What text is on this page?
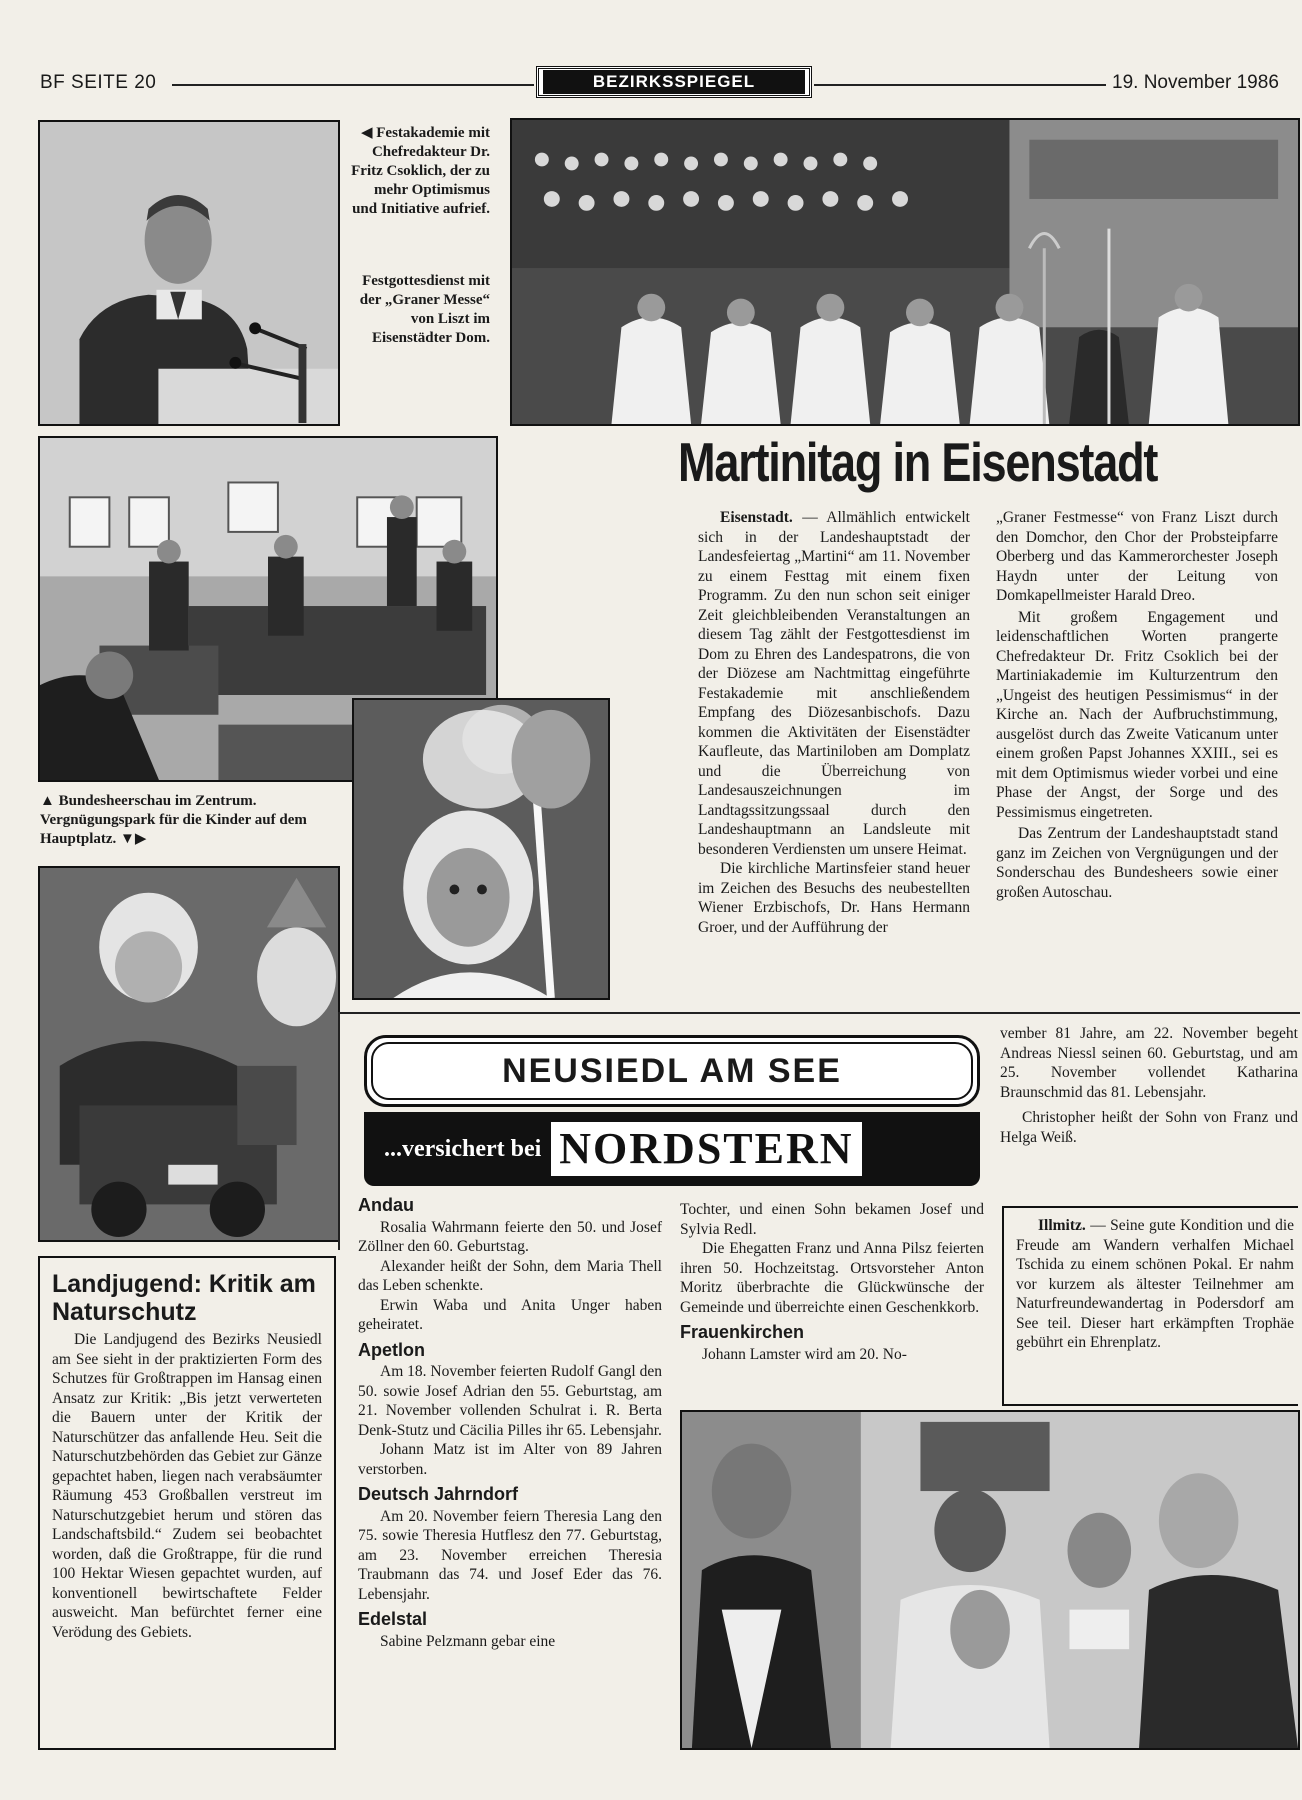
BF SEITE 20	BEZIRKSSPIEGEL	19. November 1986
◀ Festakademie mit Chefredakteur Dr. Fritz Csoklich, der zu mehr Optimismus und Initiative aufrief.
Festgottesdienst mit der „Graner Messe“ von Liszt im Eisenstädter Dom.
▲ Bundesheerschau im Zentrum. Vergnügungspark für die Kinder auf dem Hauptplatz. ▼▶
Martinitag in Eisenstadt

Eisenstadt. — Allmählich entwickelt sich in der Landeshauptstadt der Landesfeiertag „Martini“ am 11. November zu einem Festtag mit einem fixen Programm. Zu den nun schon seit einiger Zeit gleichbleibenden Veranstaltungen an diesem Tag zählt der Festgottesdienst im Dom zu Ehren des Landespatrons, die von der Diözese am Nachtmittag eingeführte Festakademie mit anschließendem Empfang des Diözesanbischofs. Dazu kommen die Aktivitäten der Eisenstädter Kaufleute, das Martiniloben am Domplatz und die Überreichung von Landesauszeichnungen im Landtagssitzungssaal durch den Landeshauptmann an Landsleute mit besonderen Verdiensten um unsere Heimat.

Die kirchliche Martinsfeier stand heuer im Zeichen des Besuchs des neubestellten Wiener Erzbischofs, Dr. Hans Hermann Groer, und der Aufführung der

„Graner Festmesse“ von Franz Liszt durch den Domchor, den Chor der Probsteipfarre Oberberg und das Kammerorchester Joseph Haydn unter der Leitung von Domkapellmeister Harald Dreo.

Mit großem Engagement und leidenschaftlichen Worten prangerte Chefredakteur Dr. Fritz Csoklich bei der Martiniakademie im Kulturzentrum den „Ungeist des heutigen Pessimismus“ in der Kirche an. Nach der Aufbruchstimmung, ausgelöst durch das Zweite Vaticanum unter einem großen Papst Johannes XXIII., sei es mit dem Optimismus wieder vorbei und eine Phase der Angst, der Sorge und des Pessimismus eingetreten.

Das Zentrum der Landeshauptstadt stand ganz im Zeichen von Vergnügungen und der Sonderschau des Bundesheers sowie einer großen Autoschau.

NEUSIEDL AM SEE
...versichert bei NORDSTERN

vember 81 Jahre, am 22. November begeht Andreas Niessl seinen 60. Geburtstag, und am 25. November vollendet Katharina Braunschmid das 81. Lebensjahr.

Christopher heißt der Sohn von Franz und Helga Weiß.

Landjugend: Kritik am Naturschutz

Die Landjugend des Bezirks Neusiedl am See sieht in der praktizierten Form des Schutzes für Großtrappen im Hansag einen Ansatz zur Kritik: „Bis jetzt verwerteten die Bauern unter der Kritik der Naturschützer das anfallende Heu. Seit die Naturschutzbehörden das Gebiet zur Gänze gepachtet haben, liegen nach verabsäumter Räumung 453 Großballen verstreut im Naturschutzgebiet herum und stören das Landschaftsbild.“ Zudem sei beobachtet worden, daß die Großtrappe, für die rund 100 Hektar Wiesen gepachtet wurden, auf konventionell bewirtschaftete Felder ausweicht. Man befürchtet ferner eine Verödung des Gebiets.

Andau

Rosalia Wahrmann feierte den 50. und Josef Zöllner den 60. Geburtstag.

Alexander heißt der Sohn, dem Maria Thell das Leben schenkte.

Erwin Waba und Anita Unger haben geheiratet.

Apetlon

Am 18. November feierten Rudolf Gangl den 50. sowie Josef Adrian den 55. Geburtstag, am 21. November vollenden Schulrat i. R. Berta Denk-Stutz und Cäcilia Pilles ihr 65. Lebensjahr.

Johann Matz ist im Alter von 89 Jahren verstorben.

Deutsch Jahrndorf

Am 20. November feiern Theresia Lang den 75. sowie Theresia Hutflesz den 77. Geburtstag, am 23. November erreichen Theresia Traubmann das 74. und Josef Eder das 76. Lebensjahr.

Edelstal

Sabine Pelzmann gebar eine

Tochter, und einen Sohn bekamen Josef und Sylvia Redl.

Die Ehegatten Franz und Anna Pilsz feierten ihren 50. Hochzeitstag. Ortsvorsteher Anton Moritz überbrachte die Glückwünsche der Gemeinde und überreichte einen Geschenkkorb.

Frauenkirchen

Johann Lamster wird am 20. No-

Illmitz. — Seine gute Kondition und die Freude am Wandern verhalfen Michael Tschida zu einem schönen Pokal. Er nahm vor kurzem als ältester Teilnehmer am Naturfreundewandertag in Podersdorf am See teil. Dieser hart erkämpften Trophäe gebührt ein Ehrenplatz.
